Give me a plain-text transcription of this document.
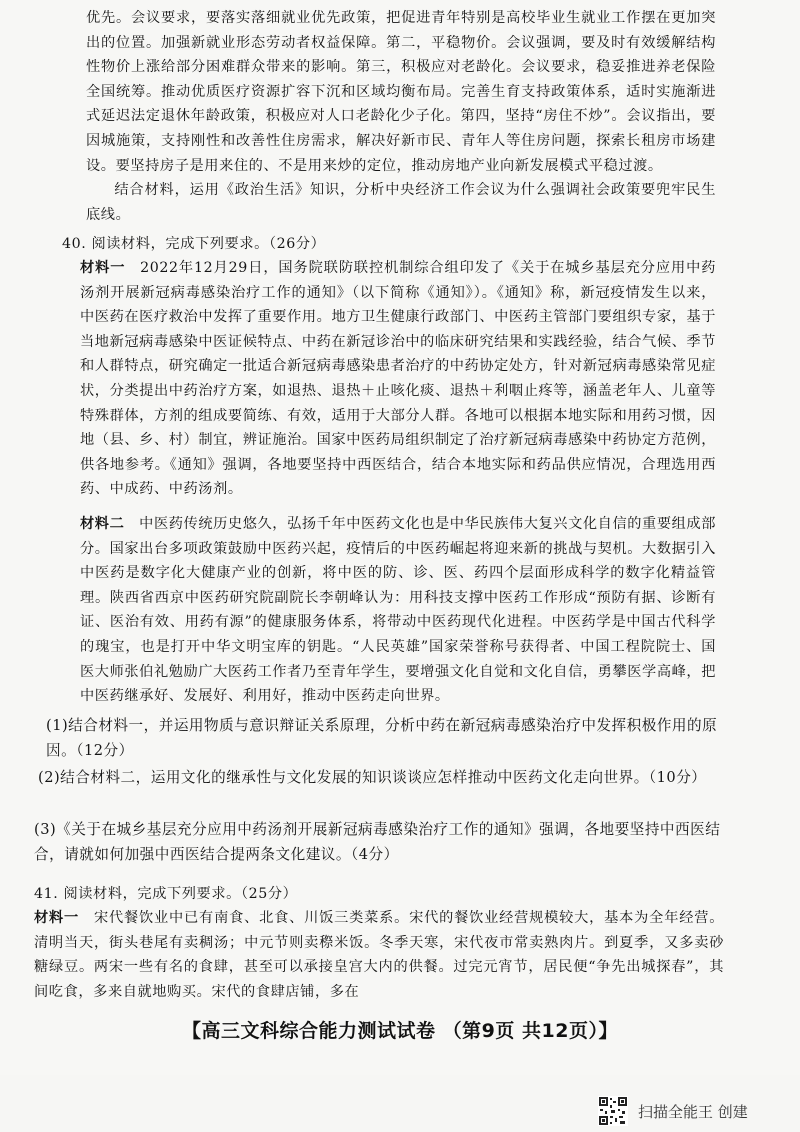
优先。会议要求，要落实落细就业优先政策，把促进青年特别是高校毕业生就业工作摆在更加突出的位置。加强新就业形态劳动者权益保障。第二，平稳物价。会议强调，要及时有效缓解结构性物价上涨给部分困难群众带来的影响。第三，积极应对老龄化。会议要求，稳妥推进养老保险全国统筹。推动优质医疗资源扩容下沉和区域均衡布局。完善生育支持政策体系，适时实施渐进式延迟法定退休年龄政策，积极应对人口老龄化少子化。第四，坚持“房住不炒”。会议指出，要因城施策，支持刚性和改善性住房需求，解决好新市民、青年人等住房问题，探索长租房市场建设。要坚持房子是用来住的、不是用来炒的定位，推动房地产业向新发展模式平稳过渡。

结合材料，运用《政治生活》知识，分析中央经济工作会议为什么强调社会政策要兜牢民生底线。

40. 阅读材料，完成下列要求。（26分）

材料一  2022年12月29日，国务院联防联控机制综合组印发了《关于在城乡基层充分应用中药汤剂开展新冠病毒感染治疗工作的通知》（以下简称《通知》）。《通知》称，新冠疫情发生以来，中医药在医疗救治中发挥了重要作用。地方卫生健康行政部门、中医药主管部门要组织专家，基于当地新冠病毒感染中医证候特点、中药在新冠诊治中的临床研究结果和实践经验，结合气候、季节和人群特点，研究确定一批适合新冠病毒感染患者治疗的中药协定处方，针对新冠病毒感染常见症状，分类提出中药治疗方案，如退热、退热＋止咳化痰、退热＋利咽止疼等，涵盖老年人、儿童等特殊群体，方剂的组成要简练、有效，适用于大部分人群。各地可以根据本地实际和用药习惯，因地（县、乡、村）制宜，辨证施治。国家中医药局组织制定了治疗新冠病毒感染中药协定方范例，供各地参考。《通知》强调，各地要坚持中西医结合，结合本地实际和药品供应情况，合理选用西药、中成药、中药汤剂。

材料二  中医药传统历史悠久，弘扬千年中医药文化也是中华民族伟大复兴文化自信的重要组成部分。国家出台多项政策鼓励中医药兴起，疫情后的中医药崛起将迎来新的挑战与契机。大数据引入中医药是数字化大健康产业的创新，将中医的防、诊、医、药四个层面形成科学的数字化精益管理。陕西省西京中医药研究院副院长李朝峰认为：用科技支撑中医药工作形成“预防有据、诊断有证、医治有效、用药有源”的健康服务体系，将带动中医药现代化进程。中医药学是中国古代科学的瑰宝，也是打开中华文明宝库的钥匙。“人民英雄”国家荣誉称号获得者、中国工程院院士、国医大师张伯礼勉励广大医药工作者乃至青年学生，要增强文化自觉和文化自信，勇攀医学高峰，把中医药继承好、发展好、利用好，推动中医药走向世界。

(1)结合材料一，并运用物质与意识辩证关系原理，分析中药在新冠病毒感染治疗中发挥积极作用的原因。（12分）

(2)结合材料二，运用文化的继承性与文化发展的知识谈谈应怎样推动中医药文化走向世界。（10分）

(3)《关于在城乡基层充分应用中药汤剂开展新冠病毒感染治疗工作的通知》强调，各地要坚持中西医结合，请就如何加强中西医结合提两条文化建议。（4分）

41. 阅读材料，完成下列要求。（25分）

材料一  宋代餐饮业中已有南食、北食、川饭三类菜系。宋代的餐饮业经营规模较大，基本为全年经营。清明当天，街头巷尾有卖稠汤；中元节则卖穄米饭。冬季天寒，宋代夜市常卖熟肉片。到夏季，又多卖砂糖绿豆。两宋一些有名的食肆，甚至可以承接皇宫大内的供餐。过完元宵节，居民便“争先出城探春”，其间吃食，多来自就地购买。宋代的食肆店铺，多在

【高三文科综合能力测试试卷 （第9页 共12页）】
扫描全能王 创建
